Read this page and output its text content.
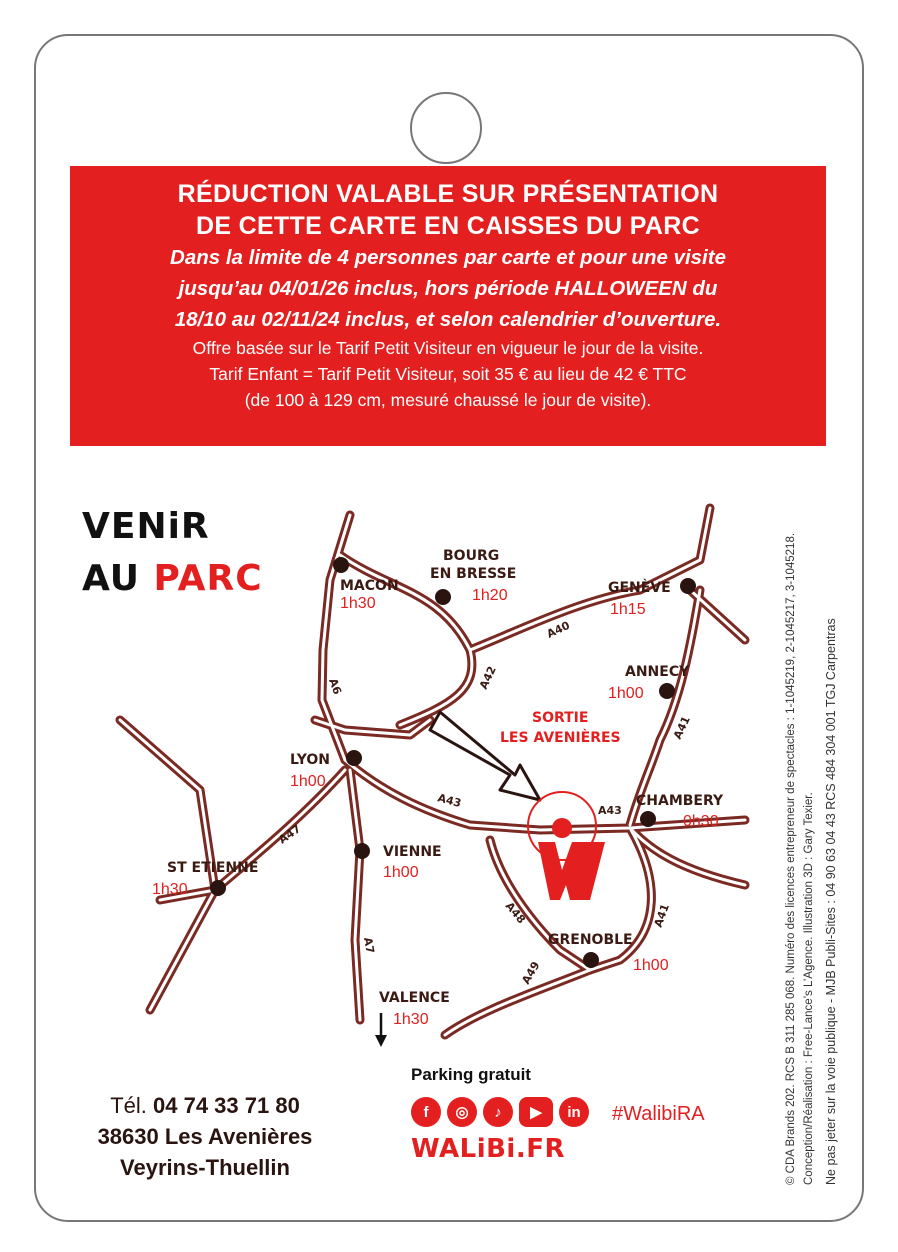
RÉDUCTION VALABLE SUR PRÉSENTATION
DE CETTE CARTE EN CAISSES DU PARC
Dans la limite de 4 personnes par carte et pour une visite
jusqu’au 04/01/26 inclus, hors période HALLOWEEN du
18/10 au 02/11/24 inclus, et selon calendrier d’ouverture.
Offre basée sur le Tarif Petit Visiteur en vigueur le jour de la visite.
Tarif Enfant = Tarif Petit Visiteur, soit 35 € au lieu de 42 € TTC
(de 100 à 129 cm, mesuré chaussé le jour de visite).
VENiR
AU PARC	MACON
1h30
BOURG
EN BRESSE
1h20	GENÈVE
1h15
ANNECY
1h00
LYON
1h00
CHAMBERY
0h30
VIENNE
1h00
ST ETIENNE
1h30
GRENOBLE
1h00
VALENCE
1h30
A6	A42
A40
A41
A43
A43
A47
A7
A48
A49
A41
SORTIE
LES AVENIÈRES
Tél. 04 74 33 71 80
38630 Les Avenières
Veyrins-Thuellin
Parking gratuit
f	◎	♪	▶	in	#WalibiRA
WALiBi.FR	© CDA Brands 202. RCS B 311 285 068. Numéro des licences entrepreneur de spectacles : 1-1045219, 2-1045217, 3-1045218. Conception/Réalisation : Free-Lance’s L’Agence. Illustration 3D : Gary Texier. Ne pas jeter sur la voie publique - MJB Publi-Sites : 04 90 63 04 43 RCS 484 304 001 TGJ Carpentras
